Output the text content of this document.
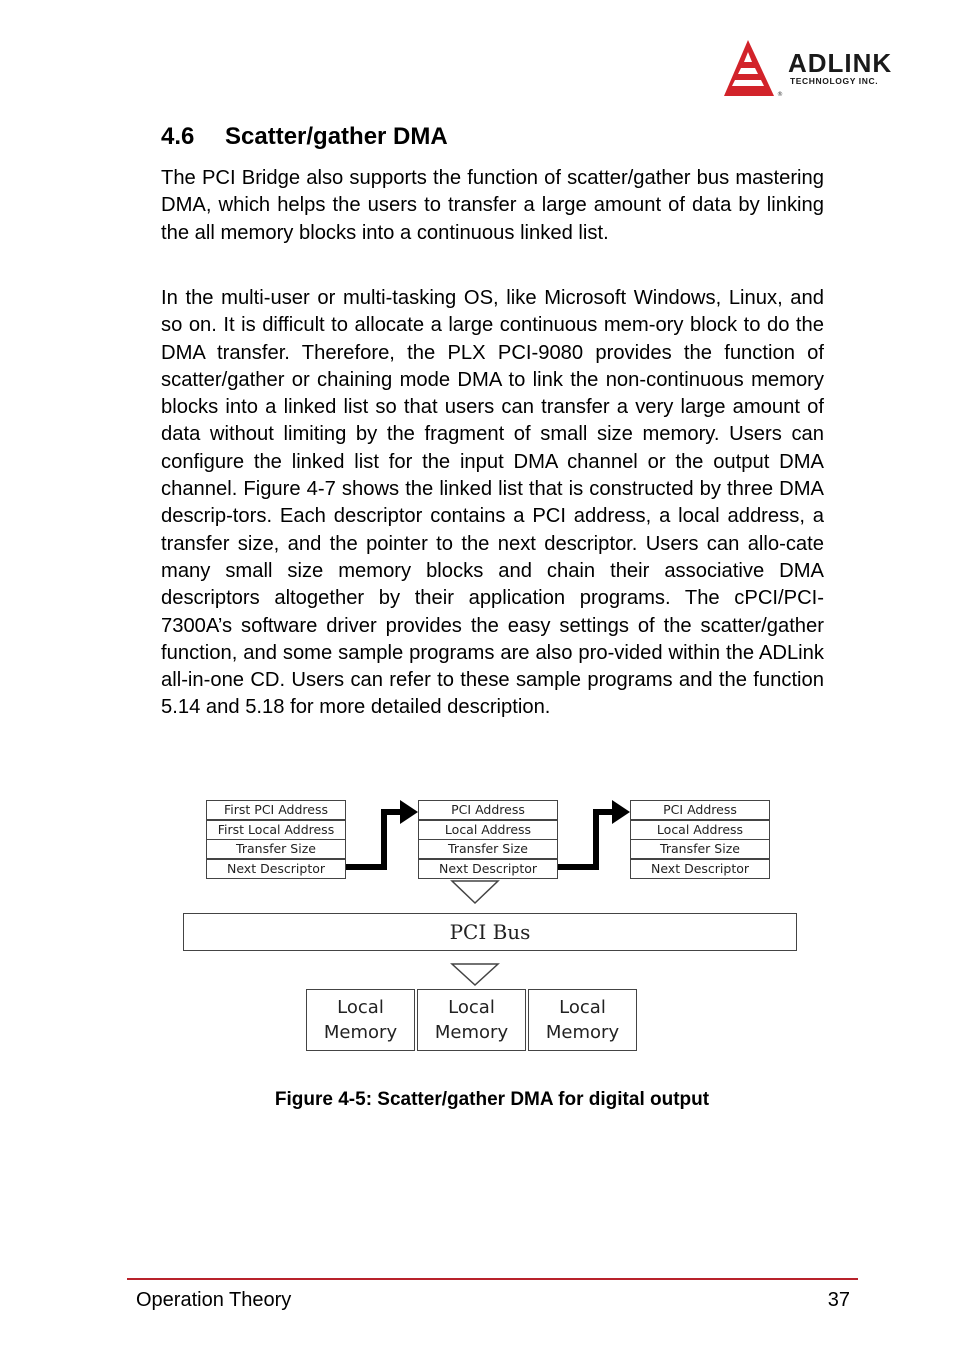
®
ADLINK
TECHNOLOGY INC.
4.6 Scatter/gather DMA

The PCI Bridge also supports the function of scatter/gather bus mastering DMA, which helps the users to transfer a large amount of data by linking the all memory blocks into a continuous linked list.

In the multi-user or multi-tasking OS, like Microsoft Windows, Linux, and so on. It is difficult to allocate a large continuous mem-ory block to do the DMA transfer. Therefore, the PLX PCI-9080 provides the function of scatter/gather or chaining mode DMA to link the non-continuous memory blocks into a linked list so that users can transfer a very large amount of data without limiting by the fragment of small size memory. Users can configure the linked list for the input DMA channel or the output DMA channel. Figure 4-7 shows the linked list that is constructed by three DMA descrip-tors. Each descriptor contains a PCI address, a local address, a transfer size, and the pointer to the next descriptor. Users can allo-cate many small size memory blocks and chain their associative DMA descriptors altogether by their application programs. The cPCI/PCI-7300A’s software driver provides the easy settings of the scatter/gather function, and some sample programs are also pro-vided within the ADLink all-in-one CD. Users can refer to these sample programs and the function 5.14 and 5.18 for more detailed description.

First PCI Address
First Local Address
Transfer Size
Next Descriptor
PCI Address
Local Address
Transfer Size
Next Descriptor
PCI Address
Local Address
Transfer Size
Next Descriptor
PCI Bus
Local
Memory
Local
Memory
Local
Memory
Figure 4-5: Scatter/gather DMA for digital output
Operation Theory	37
